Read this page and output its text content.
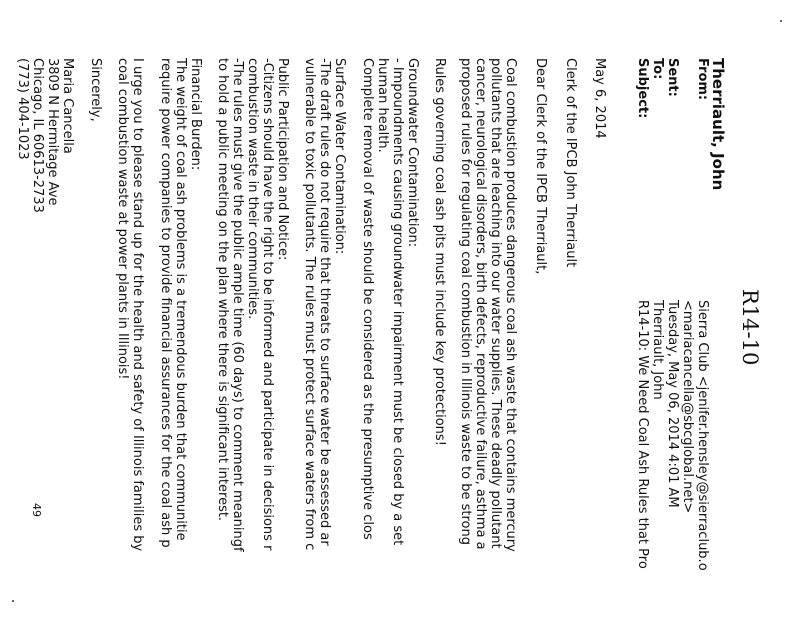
R14-10
Therriault, John
From:
Sierra Club <jenifer.hensley@sierraclub.o
<mariacancella@sbcglobal.net>
Sent:
Tuesday, May 06, 2014 4:01 AM
To:
Therriault, John
Subject:
R14-10: We Need Coal Ash Rules that Pro
May 6, 2014
Clerk of the IPCB John Therriault
Dear Clerk of the IPCB Therriault,
Coal combustion produces dangerous coal ash waste that contains mercury
pollutants that are leaching into our water supplies. These deadly pollutant
cancer, neurological disorders, birth defects, reproductive failure, asthma a
proposed rules for regulating coal combustion in Illinois waste to be strong
Rules governing coal ash pits must include key protections!
Groundwater Contamination:
- Impoundments causing groundwater impairment must be closed by a set
human health.
Complete removal of waste should be considered as the presumptive clos
Surface Water Contamination:
-The draft rules do not require that threats to surface water be assessed ar
vulnerable to toxic pollutants. The rules must protect surface waters from c
Public Participation and Notice:
-Citizens should have the right to be informed and participate in decisions r
combustion waste in their communities.
-The rules must give the public ample time (60 days) to comment meaningf
to hold a public meeting on the plan where there is significant interest.
Financial Burden:
The weight of coal ash problems is a tremendous burden that communitie
require power companies to provide financial assurances for the coal ash p
I urge you to please stand up for the health and safety of Illinois families by
coal combustion waste at power plants in Illinois!
Sincerely,
Maria Cancella
3809 N Hermitage Ave
Chicago, IL 60613-2733
(773) 404-1023
49
